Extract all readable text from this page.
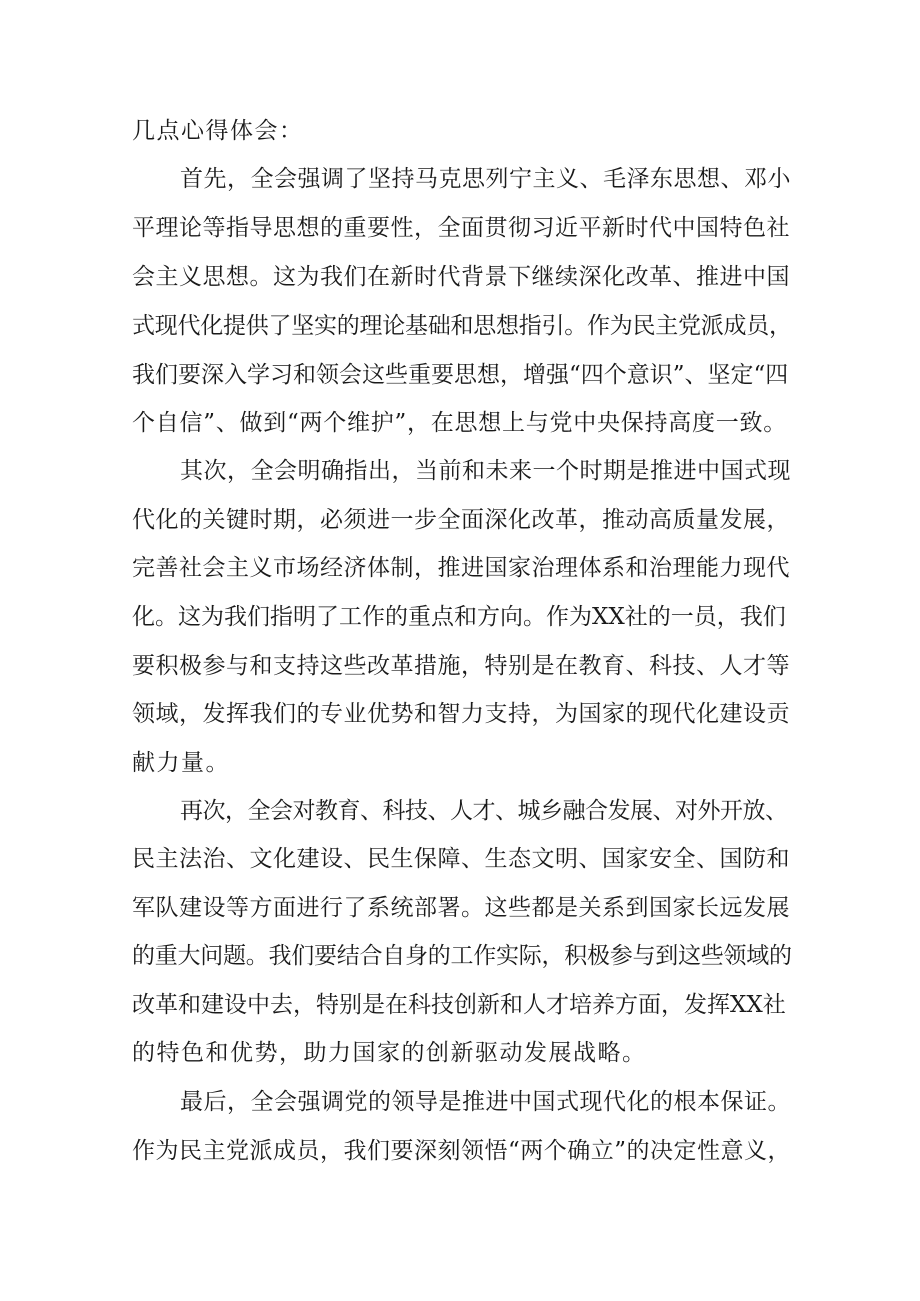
几点心得体会：

首先，全会强调了坚持马克思列宁主义、毛泽东思想、邓小

平理论等指导思想的重要性，全面贯彻习近平新时代中国特色社

会主义思想。这为我们在新时代背景下继续深化改革、推进中国

式现代化提供了坚实的理论基础和思想指引。作为民主党派成员，

我们要深入学习和领会这些重要思想，增强“四个意识”、坚定“四

个自信”、做到“两个维护”，在思想上与党中央保持高度一致。

其次，全会明确指出，当前和未来一个时期是推进中国式现

代化的关键时期，必须进一步全面深化改革，推动高质量发展，

完善社会主义市场经济体制，推进国家治理体系和治理能力现代

化。这为我们指明了工作的重点和方向。作为XX社的一员，我们

要积极参与和支持这些改革措施，特别是在教育、科技、人才等

领域，发挥我们的专业优势和智力支持，为国家的现代化建设贡

献力量。

再次，全会对教育、科技、人才、城乡融合发展、对外开放、

民主法治、文化建设、民生保障、生态文明、国家安全、国防和

军队建设等方面进行了系统部署。这些都是关系到国家长远发展

的重大问题。我们要结合自身的工作实际，积极参与到这些领域的

改革和建设中去，特别是在科技创新和人才培养方面，发挥XX社

的特色和优势，助力国家的创新驱动发展战略。

最后，全会强调党的领导是推进中国式现代化的根本保证。

作为民主党派成员，我们要深刻领悟“两个确立”的决定性意义，
